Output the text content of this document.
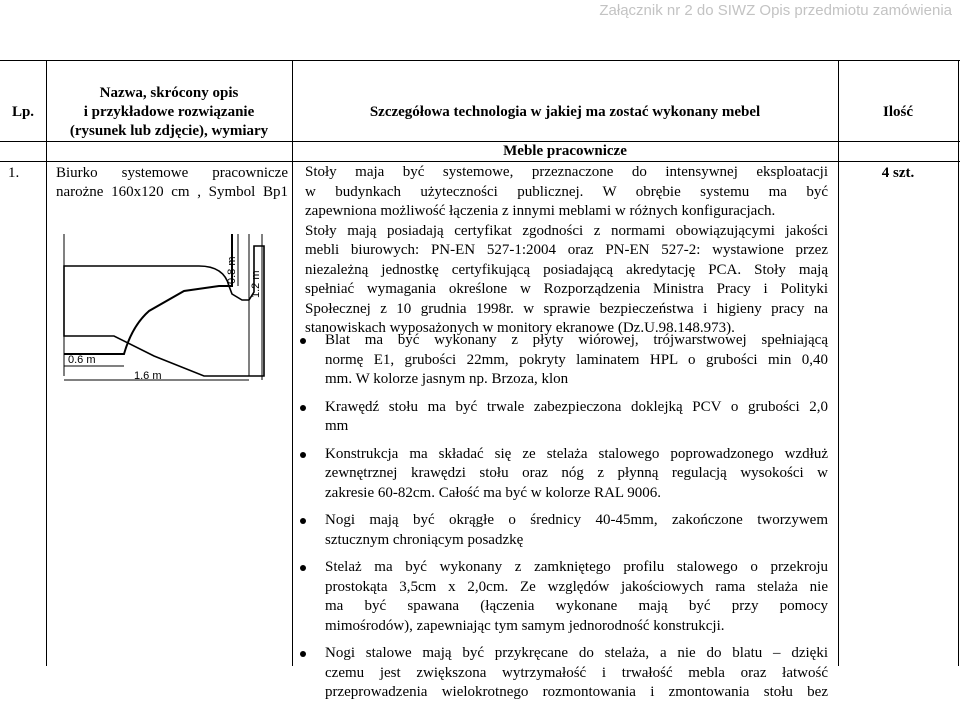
Załącznik nr 2 do SIWZ Opis przedmiotu zamówienia
Lp.
Nazwa, skrócony opis
i przykładowe rozwiązanie
(rysunek lub zdjęcie), wymiary
Szczegółowa technologia w jakiej ma zostać wykonany mebel	Ilość
Meble pracownicze
1. Biurko systemowe pracownicze
narożne 160x120 cm , Symbol Bp1
4 szt.
0.6 m
1.6 m
0.8 m
1.2 m
Stoły maja być systemowe, przeznaczone do intensywnej eksploatacji
w budynkach użyteczności publicznej. W obrębie systemu ma być
zapewniona możliwość łączenia z innymi meblami w różnych konfiguracjach.
Stoły mają posiadają certyfikat zgodności z normami obowiązującymi jakości
mebli biurowych: PN-EN 527-1:2004 oraz PN-EN 527-2: wystawione przez
niezależną jednostkę certyfikującą posiadającą akredytację PCA. Stoły mają
spełniać wymagania określone w Rozporządzenia Ministra Pracy i Polityki
Społecznej z 10 grudnia 1998r. w sprawie bezpieczeństwa i higieny pracy na
stanowiskach wyposażonych w monitory ekranowe (Dz.U.98.148.973).
Blat ma być wykonany z płyty wiórowej, trójwarstwowej spełniającą
normę E1, grubości 22mm, pokryty laminatem HPL o grubości min 0,40
mm. W kolorze jasnym np. Brzoza, klon
Krawędź stołu ma być trwale zabezpieczona doklejką PCV o grubości 2,0
mm
Konstrukcja ma składać się ze stelaża stalowego poprowadzonego wzdłuż
zewnętrznej krawędzi stołu oraz nóg z płynną regulacją wysokości w
zakresie 60-82cm. Całość ma być w kolorze RAL 9006.
Nogi mają być okrągłe o średnicy 40-45mm, zakończone tworzywem
sztucznym chroniącym posadzkę
Stelaż ma być wykonany z zamkniętego profilu stalowego o przekroju
prostokąta 3,5cm x 2,0cm. Ze względów jakościowych rama stelaża nie
ma być spawana (łączenia wykonane mają być przy pomocy
mimośrodów), zapewniając tym samym jednorodność konstrukcji.
Nogi stalowe mają być przykręcane do stelaża, a nie do blatu – dzięki
czemu jest zwiększona wytrzymałość i trwałość mebla oraz łatwość
przeprowadzenia wielokrotnego rozmontowania i zmontowania stołu bez
